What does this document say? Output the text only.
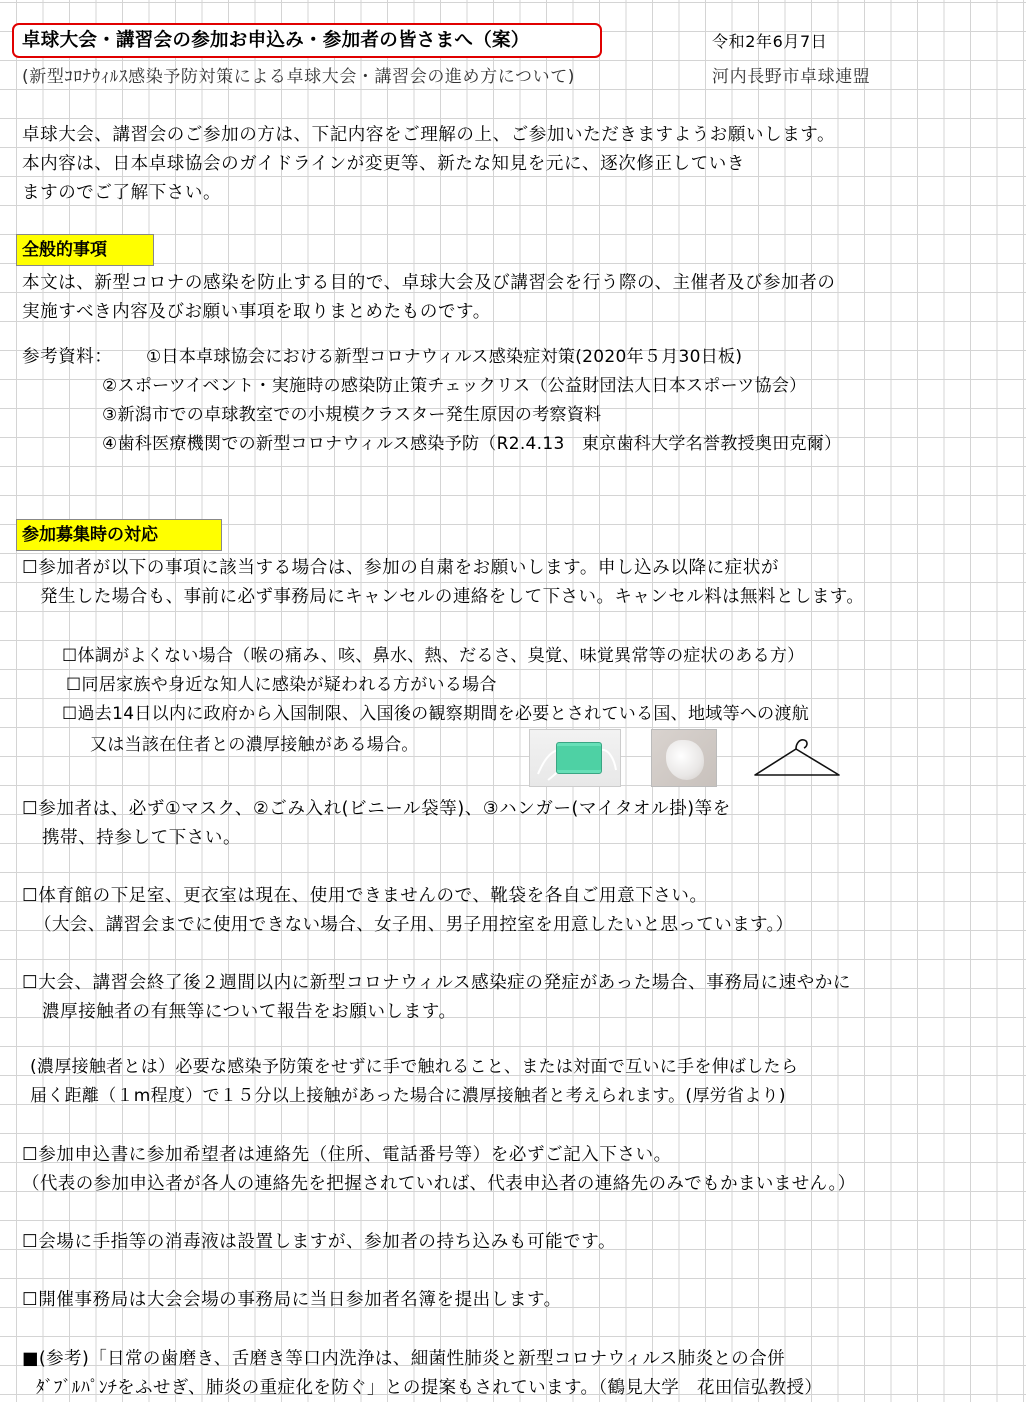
卓球大会・講習会の参加お申込み・参加者の皆さまへ（案）	令和2年6月7日
(新型ｺﾛﾅｳｨﾙｽ感染予防対策による卓球大会・講習会の進め方について)	河内長野市卓球連盟
卓球大会、講習会のご参加の方は、下記内容をご理解の上、ご参加いただきますようお願いします。
本内容は、日本卓球協会のガイドラインが変更等、新たな知見を元に、逐次修正していき
ますのでご了解下さい。
全般的事項
本文は、新型コロナの感染を防止する目的で、卓球大会及び講習会を行う際の、主催者及び参加者の
実施すべき内容及びお願い事項を取りまとめたものです。
参考資料： ①日本卓球協会における新型コロナウィルス感染症対策(2020年５月30日板)
②スポーツイベント・実施時の感染防止策チェックリス（公益財団法人日本スポーツ協会）
③新潟市での卓球教室での小規模クラスター発生原因の考察資料
④歯科医療機関での新型コロナウィルス感染予防（R2.4.13　東京歯科大学名誉教授奥田克爾）
参加募集時の対応
☐参加者が以下の事項に該当する場合は、参加の自粛をお願いします。申し込み以降に症状が
発生した場合も、事前に必ず事務局にキャンセルの連絡をして下さい。キャンセル料は無料とします。
☐体調がよくない場合（喉の痛み、咳、鼻水、熱、だるさ、臭覚、味覚異常等の症状のある方）
☐同居家族や身近な知人に感染が疑われる方がいる場合
☐過去14日以内に政府から入国制限、入国後の観察期間を必要とされている国、地域等への渡航
又は当該在住者との濃厚接触がある場合。
☐参加者は、必ず①マスク、②ごみ入れ(ビニール袋等)、③ハンガー(マイタオル掛)等を
携帯、持参して下さい。
☐体育館の下足室、更衣室は現在、使用できませんので、靴袋を各自ご用意下さい。
（大会、講習会までに使用できない場合、女子用、男子用控室を用意したいと思っています。）
☐大会、講習会終了後２週間以内に新型コロナウィルス感染症の発症があった場合、事務局に速やかに
濃厚接触者の有無等について報告をお願いします。
(濃厚接触者とは）必要な感染予防策をせずに手で触れること、または対面で互いに手を伸ばしたら
届く距離（１m程度）で１５分以上接触があった場合に濃厚接触者と考えられます。(厚労省より)
☐参加申込書に参加希望者は連絡先（住所、電話番号等）を必ずご記入下さい。
（代表の参加申込者が各人の連絡先を把握されていれば、代表申込者の連絡先のみでもかまいません。）
☐会場に手指等の消毒液は設置しますが、参加者の持ち込みも可能です。
☐開催事務局は大会会場の事務局に当日参加者名簿を提出します。
■(参考)「日常の歯磨き、舌磨き等口内洗浄は、細菌性肺炎と新型コロナウィルス肺炎との合併
ﾀﾞﾌﾞﾙﾊﾟﾝﾁをふせぎ、肺炎の重症化を防ぐ」との提案もされています。（鶴見大学　花田信弘教授）
